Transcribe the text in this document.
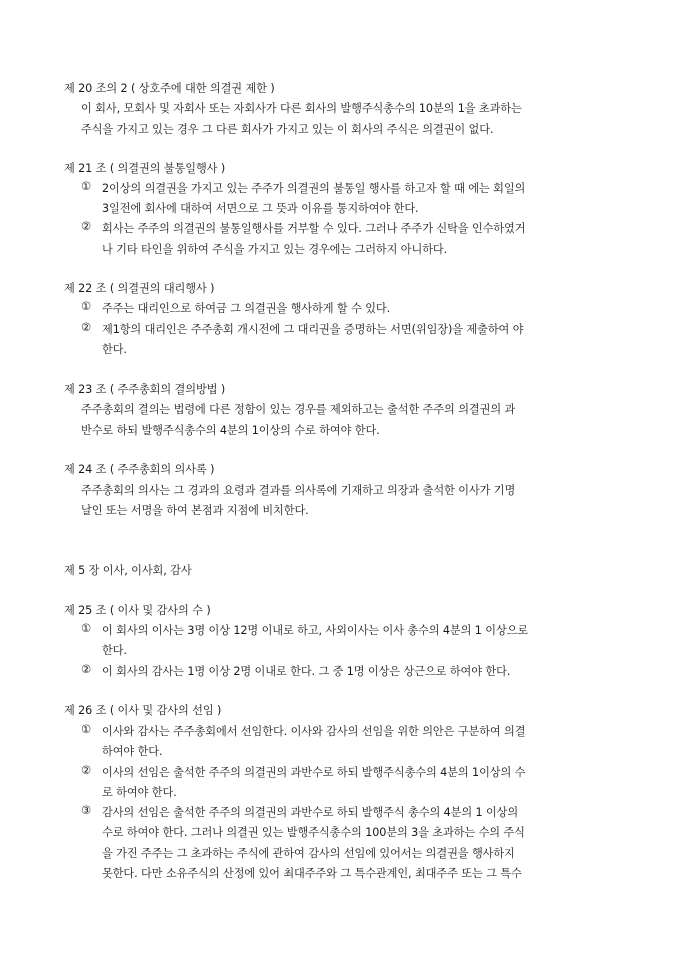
제 20 조의 2 ( 상호주에 대한 의결권 제한 )
이 회사, 모회사 및 자회사 또는 자회사가 다른 회사의 발행주식총수의 10분의 1을 초과하는
주식을 가지고 있는 경우 그 다른 회사가 가지고 있는 이 회사의 주식은 의결권이 없다.
제 21 조 ( 의결권의 불통일행사 )
① 2이상의 의결권을 가지고 있는 주주가 의결권의 불통일 행사를 하고자 할 때 에는 회일의
3일전에 회사에 대하여 서면으로 그 뜻과 이유를 통지하여야 한다.
② 회사는 주주의 의결권의 불통일행사를 거부할 수 있다. 그러나 주주가 신탁을 인수하였거
나 기타 타인을 위하여 주식을 가지고 있는 경우에는 그러하지 아니하다.
제 22 조 ( 의결권의 대리행사 )
① 주주는 대리인으로 하여금 그 의결권을 행사하게 할 수 있다.
② 제1항의 대리인은 주주총회 개시전에 그 대리권을 증명하는 서면(위임장)을 제출하여 야
한다.
제 23 조 ( 주주총회의 결의방법 )
주주총회의 결의는 법령에 다른 정함이 있는 경우를 제외하고는 출석한 주주의 의결권의 과
반수로 하되 발행주식총수의 4분의 1이상의 수로 하여야 한다.
제 24 조 ( 주주총회의 의사록 )
주주총회의 의사는 그 경과의 요령과 결과를 의사록에 기재하고 의장과 출석한 이사가 기명
날인 또는 서명을 하여 본점과 지점에 비치한다.
제 5 장 이사, 이사회, 감사
제 25 조 ( 이사 및 감사의 수 )
① 이 회사의 이사는 3명 이상 12명 이내로 하고, 사외이사는 이사 총수의 4분의 1 이상으로
한다.
② 이 회사의 감사는 1명 이상 2명 이내로 한다. 그 중 1명 이상은 상근으로 하여야 한다.
제 26 조 ( 이사 및 감사의 선임 )
① 이사와 감사는 주주총회에서 선임한다. 이사와 감사의 선임을 위한 의안은 구분하여 의결
하여야 한다.
② 이사의 선임은 출석한 주주의 의결권의 과반수로 하되 발행주식총수의 4분의 1이상의 수
로 하여야 한다.
③ 감사의 선임은 출석한 주주의 의결권의 과반수로 하되 발행주식 총수의 4분의 1 이상의
수로 하여야 한다. 그러나 의결권 있는 발행주식총수의 100분의 3을 초과하는 수의 주식
을 가진 주주는 그 초과하는 주식에 관하여 감사의 선임에 있어서는 의결권을 행사하지
못한다. 다만 소유주식의 산정에 있어 최대주주와 그 특수관계인, 최대주주 또는 그 특수
